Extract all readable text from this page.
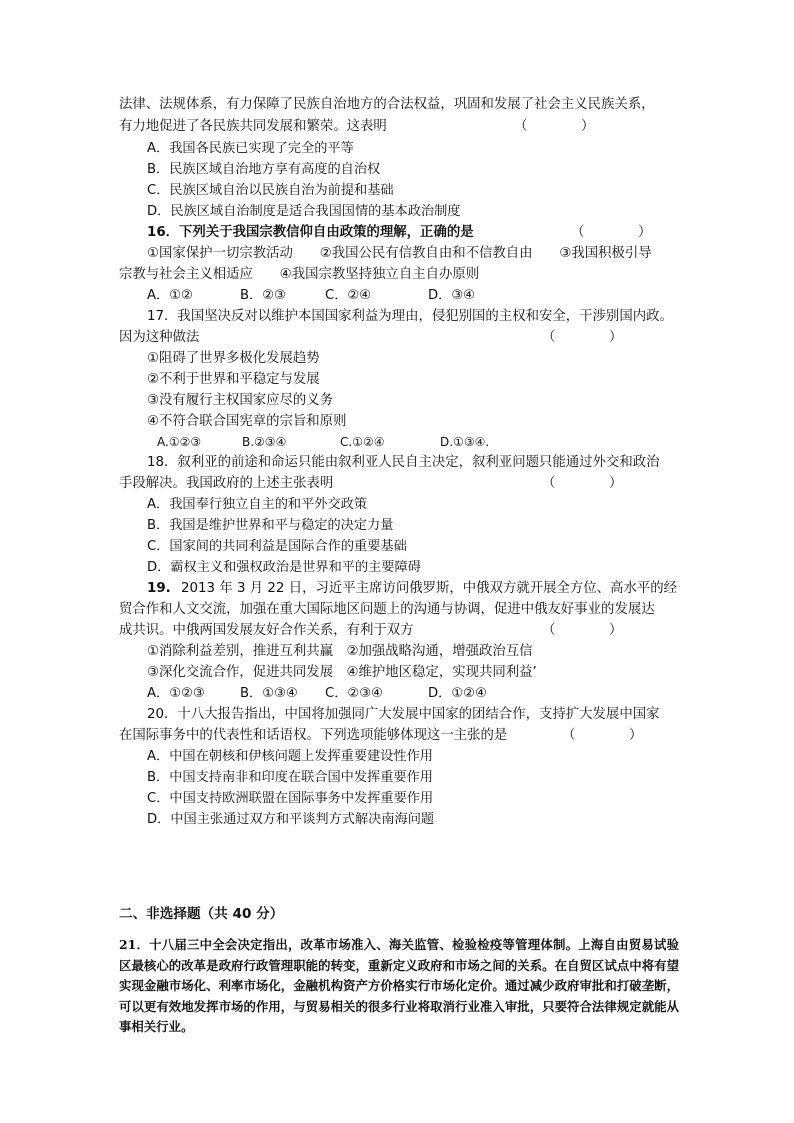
法律、法规体系，有力保障了民族自治地方的合法权益，巩固和发展了社会主义民族关系，
有力地促进了各民族共同发展和繁荣。这表明	（　　　　）
A．我国各民族已实现了完全的平等
B．民族区域自治地方享有高度的自治权
C．民族区域自治以民族自治为前提和基础
D．民族区域自治制度是适合我国国情的基本政治制度
16．下列关于我国宗教信仰自由政策的理解，正确的是	（　　　　）
①国家保护一切宗教活动　　②我国公民有信教自由和不信教自由　　③我国积极引导
宗教与社会主义相适应　　④我国宗教坚持独立自主自办原则
A．①②	B．②③	C．②④	D．③④
17．我国坚决反对以维护本国国家利益为理由，侵犯别国的主权和安全，干涉别国内政。
因为这种做法	（　　　　）
①阻碍了世界多极化发展趋势
②不利于世界和平稳定与发展
③没有履行主权国家应尽的义务
④不符合联合国宪章的宗旨和原则
A.①②③	B.②③④	C.①②④	D.①③④.
18．叙利亚的前途和命运只能由叙利亚人民自主决定，叙利亚问题只能通过外交和政治
手段解决。我国政府的上述主张表明	（　　　　）
A．我国奉行独立自主的和平外交政策
B．我国是维护世界和平与稳定的决定力量
C．国家间的共同利益是国际合作的重要基础
D．霸权主义和强权政治是世界和平的主要障碍
19. 2013 年 3 月 22 日，习近平主席访问俄罗斯，中俄双方就开展全方位、高水平的经
贸合作和人文交流，加强在重大国际地区问题上的沟通与协调，促进中俄友好事业的发展达
成共识。中俄两国发展友好合作关系，有利于双方	（　　　　）
①消除利益差别，推进互利共赢　②加强战略沟通，增强政治互信
③深化交流合作，促进共同发展　④维护地区稳定，实现共同利益’
A．①②③	B．①③④ C．②③④	D．①②④
20．十八大报告指出，中国将加强同广大发展中国家的团结合作，支持扩大发展中国家
在国际事务中的代表性和话语权。下列选项能够体现这一主张的是	（　　　　）
A．中国在朝核和伊核问题上发挥重要建设性作用
B．中国支持南非和印度在联合国中发挥重要作用
C．中国支持欧洲联盟在国际事务中发挥重要作用
D．中国主张通过双方和平谈判方式解决南海问题
二、非选择题（共 40 分）
21．十八届三中全会决定指出，改革市场准入、海关监管、检验检疫等管理体制。上海自由贸易试验区最核心的改革是政府行政管理职能的转变，重新定义政府和市场之间的关系。在自贸区试点中将有望实现金融市场化、利率市场化，金融机构资产方价格实行市场化定价。通过减少政府审批和打破垄断，可以更有效地发挥市场的作用，与贸易相关的很多行业将取消行业准入审批，只要符合法律规定就能从事相关行业。
